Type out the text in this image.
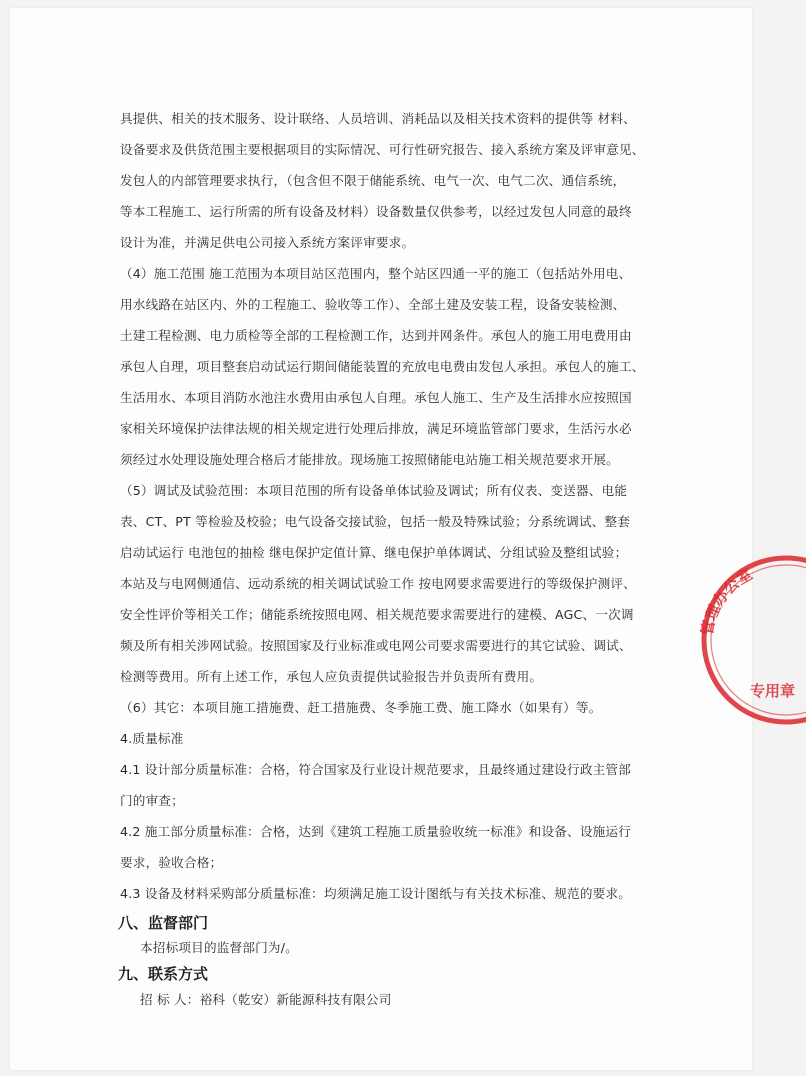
具提供、相关的技术服务、设计联络、人员培训、消耗品以及相关技术资料的提供等 材料、
设备要求及供货范围主要根据项目的实际情况、可行性研究报告、接入系统方案及评审意见、
发包人的内部管理要求执行，（包含但不限于储能系统、电气一次、电气二次、通信系统，
等本工程施工、运行所需的所有设备及材料）设备数量仅供参考，以经过发包人同意的最终
设计为准，并满足供电公司接入系统方案评审要求。
（4）施工范围 施工范围为本项目站区范围内，整个站区四通一平的施工（包括站外用电、
用水线路在站区内、外的工程施工、验收等工作）、全部土建及安装工程，设备安装检测、
土建工程检测、电力质检等全部的工程检测工作，达到并网条件。承包人的施工用电费用由
承包人自理，项目整套启动试运行期间储能装置的充放电电费由发包人承担。承包人的施工、
生活用水、本项目消防水池注水费用由承包人自理。承包人施工、生产及生活排水应按照国
家相关环境保护法律法规的相关规定进行处理后排放，满足环境监管部门要求，生活污水必
须经过水处理设施处理合格后才能排放。现场施工按照储能电站施工相关规范要求开展。
（5）调试及试验范围：本项目范围的所有设备单体试验及调试；所有仪表、变送器、电能
表、CT、PT 等检验及校验；电气设备交接试验，包括一般及特殊试验；分系统调试、整套
启动试运行 电池包的抽检 继电保护定值计算、继电保护单体调试、分组试验及整组试验；
本站及与电网侧通信、远动系统的相关调试试验工作 按电网要求需要进行的等级保护测评、
安全性评价等相关工作；储能系统按照电网、相关规范要求需要进行的建模、AGC、一次调
频及所有相关涉网试验。按照国家及行业标准或电网公司要求需要进行的其它试验、调试、
检测等费用。所有上述工作，承包人应负责提供试验报告并负责所有费用。
（6）其它：本项目施工措施费、赶工措施费、冬季施工费、施工降水（如果有）等。
4.质量标准
4.1 设计部分质量标准：合格，符合国家及行业设计规范要求，且最终通过建设行政主管部
门的审查；
4.2 施工部分质量标准：合格，达到《建筑工程施工质量验收统一标准》和设备、设施运行
要求，验收合格；
4.3 设备及材料采购部分质量标准：均须满足施工设计图纸与有关技术标准、规范的要求。
八、监督部门
本招标项目的监督部门为/。
九、联系方式
招 标 人：裕科（乾安）新能源科技有限公司
管理办公室
专用章
